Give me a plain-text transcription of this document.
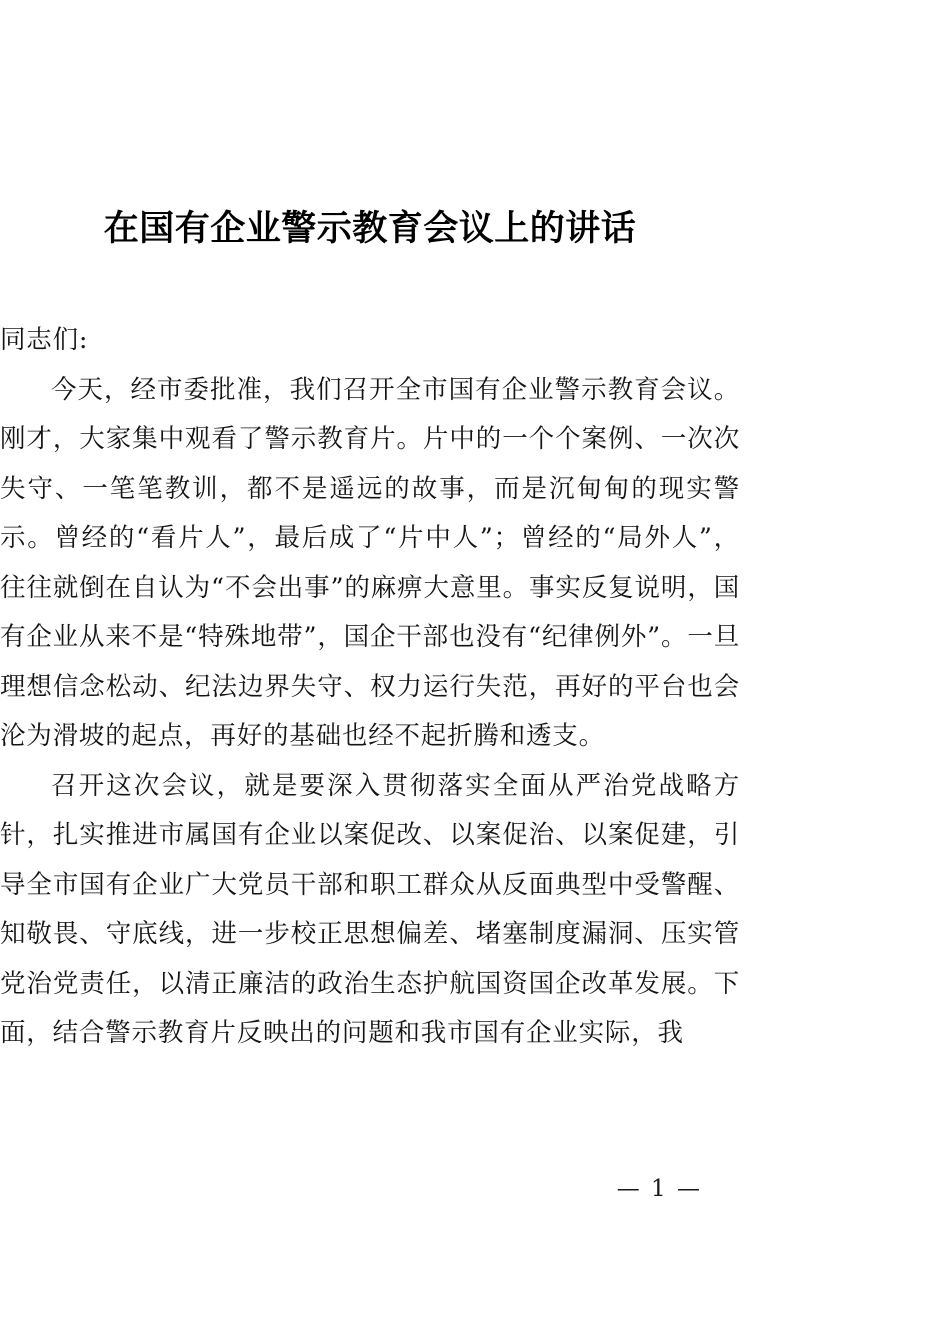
在国有企业警示教育会议上的讲话

同志们:

今天，经市委批准，我们召开全市国有企业警示教育会议。刚才，大家集中观看了警示教育片。片中的一个个案例、一次次失守、一笔笔教训，都不是遥远的故事，而是沉甸甸的现实警示。曾经的“看片人”，最后成了“片中人”；曾经的“局外人”，往往就倒在自认为“不会出事”的麻痹大意里。事实反复说明，国有企业从来不是“特殊地带”，国企干部也没有“纪律例外”。一旦理想信念松动、纪法边界失守、权力运行失范，再好的平台也会沦为滑坡的起点，再好的基础也经不起折腾和透支。

召开这次会议，就是要深入贯彻落实全面从严治党战略方针，扎实推进市属国有企业以案促改、以案促治、以案促建，引导全市国有企业广大党员干部和职工群众从反面典型中受警醒、知敬畏、守底线，进一步校正思想偏差、堵塞制度漏洞、压实管党治党责任，以清正廉洁的政治生态护航国资国企改革发展。下面，结合警示教育片反映出的问题和我市国有企业实际，我

— 1 —
